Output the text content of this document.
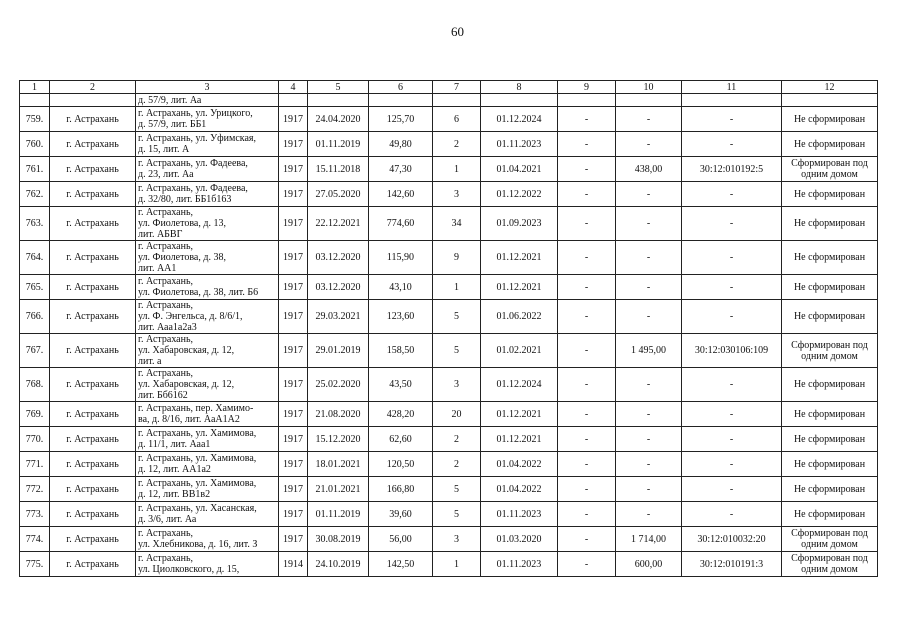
60
1	2	3	4	5	6	7	8	9	10	11	12
		д. 57/9, лит. Аа									
759.	г. Астрахань	г. Астрахань, ул. Урицкого,
д. 57/9, лит. ББ1	1917	24.04.2020	125,70	6	01.12.2024	-	-	-	Не сформирован
760.	г. Астрахань	г. Астрахань, ул. Уфимская,
д. 15, лит. А	1917	01.11.2019	49,80	2	01.11.2023	-	-	-	Не сформирован
761.	г. Астрахань	г. Астрахань, ул. Фадеева,
д. 23, лит. Аа	1917	15.11.2018	47,30	1	01.04.2021	-	438,00	30:12:010192:5	Сформирован под
одним домом
762.	г. Астрахань	г. Астрахань, ул. Фадеева,
д. 32/80, лит. ББ1б163	1917	27.05.2020	142,60	3	01.12.2022	-	-	-	Не сформирован
763.	г. Астрахань	г. Астрахань,
ул. Фиолетова, д. 13,
лит. АБВГ	1917	22.12.2021	774,60	34	01.09.2023	-	-	-	Не сформирован
764.	г. Астрахань	г. Астрахань,
ул. Фиолетова, д. 38,
лит. АА1	1917	03.12.2020	115,90	9	01.12.2021	-	-	-	Не сформирован
765.	г. Астрахань	г. Астрахань,
ул. Фиолетова, д. 38, лит. Б6	1917	03.12.2020	43,10	1	01.12.2021	-	-	-	Не сформирован
766.	г. Астрахань	г. Астрахань,
ул. Ф. Энгельса, д. 8/6/1,
лит. Ааа1а2а3	1917	29.03.2021	123,60	5	01.06.2022	-	-	-	Не сформирован
767.	г. Астрахань	г. Астрахань,
ул. Хабаровская, д. 12,
лит. а	1917	29.01.2019	158,50	5	01.02.2021	-	1 495,00	30:12:030106:109	Сформирован под
одним домом
768.	г. Астрахань	г. Астрахань,
ул. Хабаровская, д. 12,
лит. Бб6162	1917	25.02.2020	43,50	3	01.12.2024	-	-	-	Не сформирован
769.	г. Астрахань	г. Астрахань, пер. Хамимо-
ва, д. 8/16, лит. АаА1А2	1917	21.08.2020	428,20	20	01.12.2021	-	-	-	Не сформирован
770.	г. Астрахань	г. Астрахань, ул. Хамимова,
д. 11/1, лит. Ааа1	1917	15.12.2020	62,60	2	01.12.2021	-	-	-	Не сформирован
771.	г. Астрахань	г. Астрахань, ул. Хамимова,
д. 12, лит. АА1а2	1917	18.01.2021	120,50	2	01.04.2022	-	-	-	Не сформирован
772.	г. Астрахань	г. Астрахань, ул. Хамимова,
д. 12, лит. ВВ1в2	1917	21.01.2021	166,80	5	01.04.2022	-	-	-	Не сформирован
773.	г. Астрахань	г. Астрахань, ул. Хасанская,
д. 3/6, лит. Аа	1917	01.11.2019	39,60	5	01.11.2023	-	-	-	Не сформирован
774.	г. Астрахань	г. Астрахань,
ул. Хлебникова, д. 16, лит. З	1917	30.08.2019	56,00	3	01.03.2020	-	1 714,00	30:12:010032:20	Сформирован под
одним домом
775.	г. Астрахань	г. Астрахань,
ул. Циолковского, д. 15,	1914	24.10.2019	142,50	1	01.11.2023	-	600,00	30:12:010191:3	Сформирован под
одним домом
